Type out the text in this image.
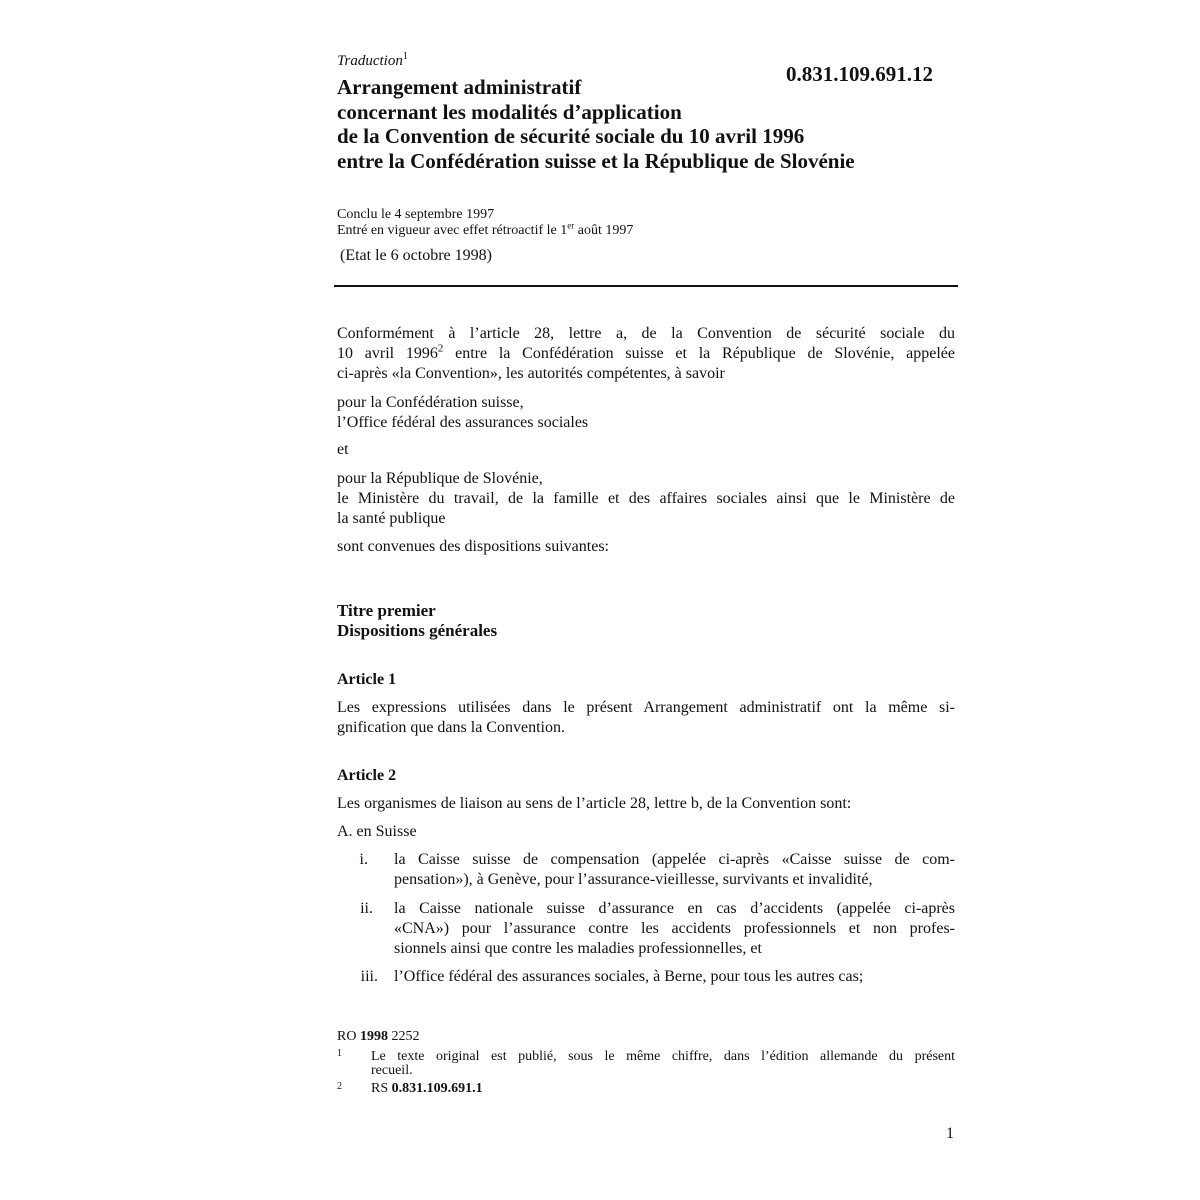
Traduction$^1$

0.831.109.691.12

Arrangement administratif
concernant les modalités d’application
de la Convention de sécurité sociale du 10 avril 1996
entre la Confédération suisse et la République de Slovénie
Conclu le 4 septembre 1997
Entré en vigueur avec effet rétroactif le 1er août 1997

(Etat le 6 octobre 1998)

Conformément à l’article 28, lettre a, de la Convention de sécurité sociale du
10 avril 1996$^2$ entre la Confédération suisse et la République de Slovénie, appelée
ci-après «la Convention», les autorités compétentes, à savoir
pour la Confédération suisse,
l’Office fédéral des assurances sociales

et

pour la République de Slovénie,
le Ministère du travail, de la famille et des affaires sociales ainsi que le Ministère de
la santé publique

sont convenues des dispositions suivantes:

Titre premier
Dispositions générales

Article 1

Les expressions utilisées dans le présent Arrangement administratif ont la même si-
gnification que dans la Convention.

Article 2

Les organismes de liaison au sens de l’article 28, lettre b, de la Convention sont:

A. en Suisse

i. la Caisse suisse de compensation (appelée ci-après «Caisse suisse de com-
pensation»), à Genève, pour l’assurance-vieillesse, survivants et invalidité,
ii. la Caisse nationale suisse d’assurance en cas d’accidents (appelée ci-après
«CNA») pour l’assurance contre les accidents professionnels et non profes-
sionnels ainsi que contre les maladies professionnelles, et
iii. l’Office fédéral des assurances sociales, à Berne, pour tous les autres cas;

RO 1998 2252

1 Le texte original est publié, sous le même chiffre, dans l’édition allemande du présent
recueil.

2 RS 0.831.109.691.1

1
